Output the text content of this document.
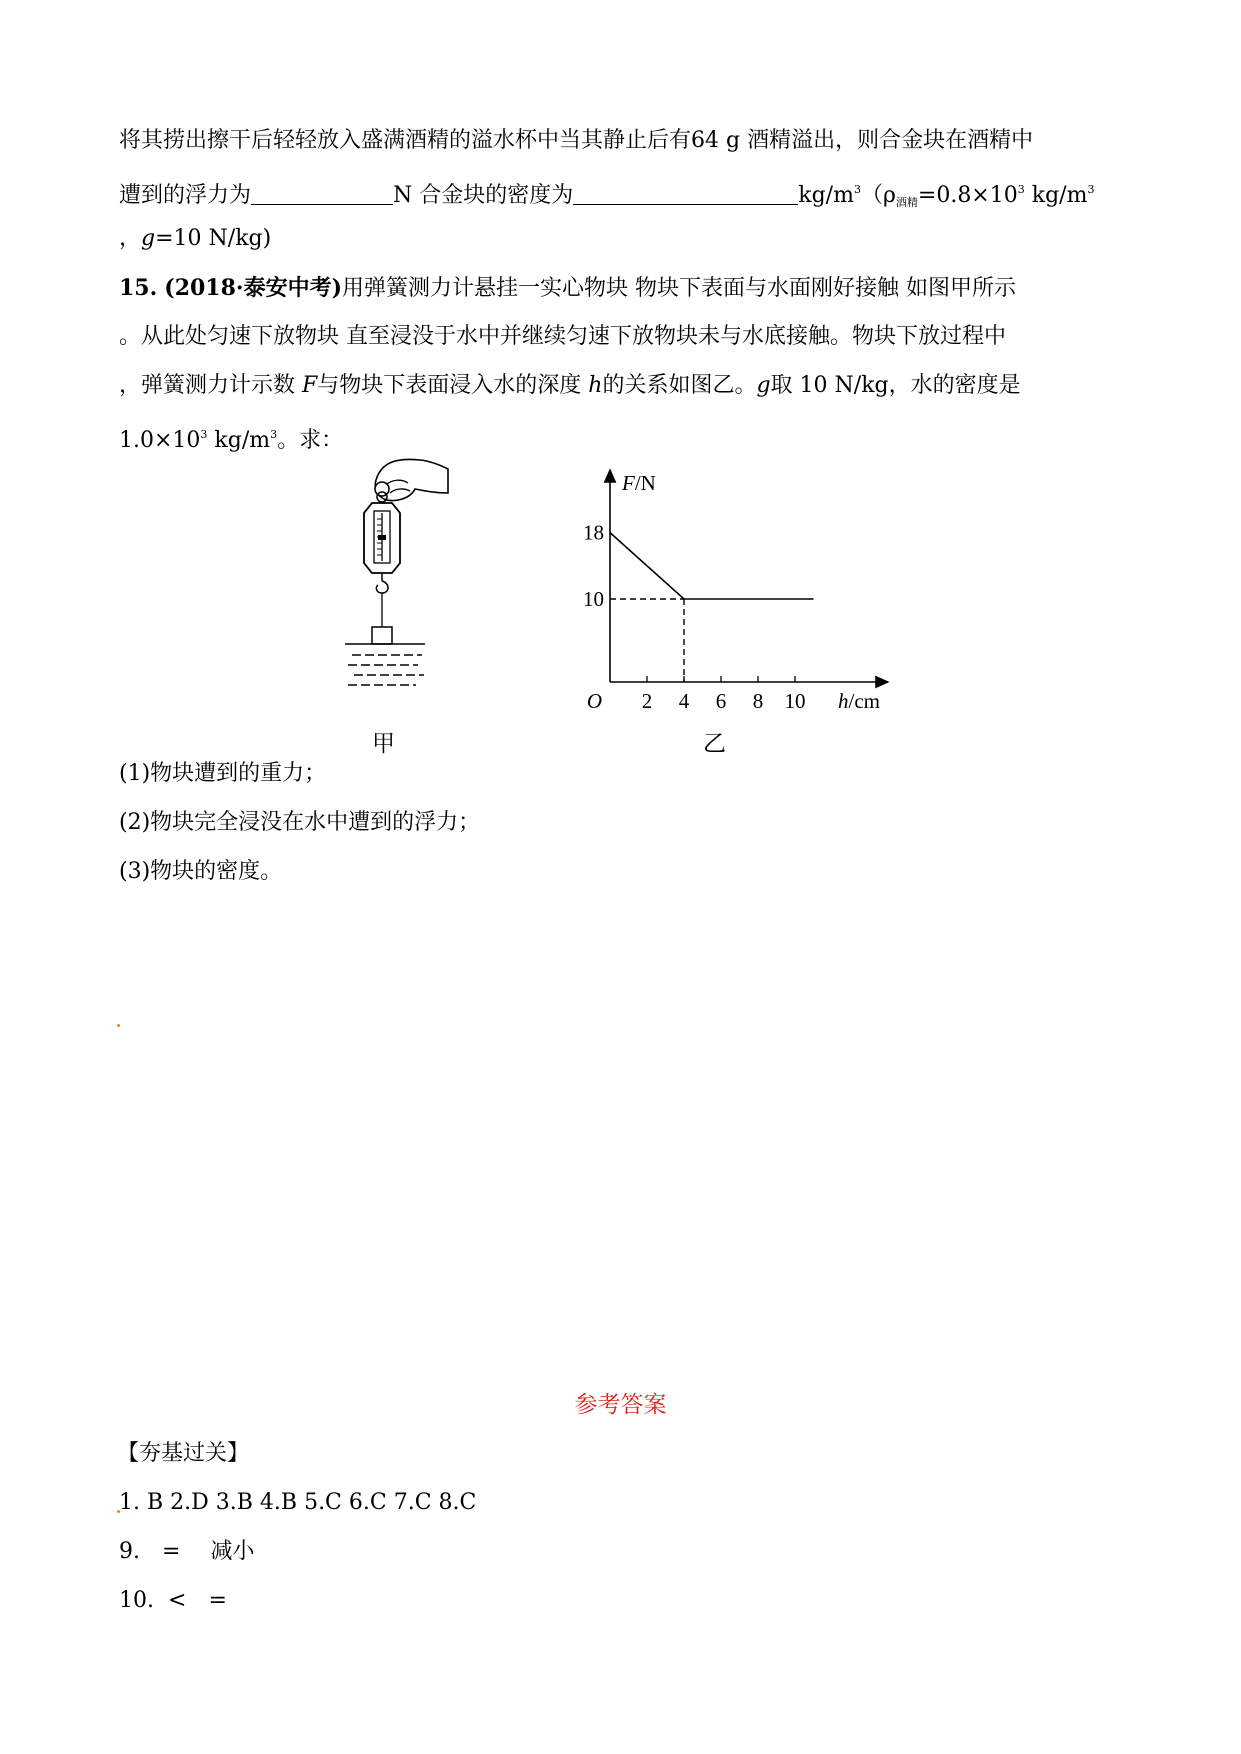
将其捞出擦干后轻轻放入盛满酒精的溢水杯中当其静止后有64 g 酒精溢出，则合金块在酒精中
遭到的浮力为	N 合金块的密度为	$kg/m^3(\rho_{酒精}=0.8\times 10^3$ $kg/m^3$
，g=10 N/kg)
15. (2018·泰安中考)用弹簧测力计悬挂一实心物块 物块下表面与水面刚好接触 如图甲所示
。从此处匀速下放物块 直至浸没于水中并继续匀速下放物块未与水底接触。物块下放过程中
，弹簧测力计示数 F与物块下表面浸入水的深度 h的关系如图乙。g取 10 N/kg，水的密度是
$1.0\times 10^3$ $kg/m^3$。求：
甲
2 4 6 8 10
10
18
O
F/N
h/cm
乙
(1)物块遭到的重力；
(2)物块完全浸没在水中遭到的浮力；
(3)物块的密度。
参考答案
【夯基过关】
1. B 2.D 3.B 4.B 5.C 6.C 7.C 8.C
9. = 减小
10. < =
